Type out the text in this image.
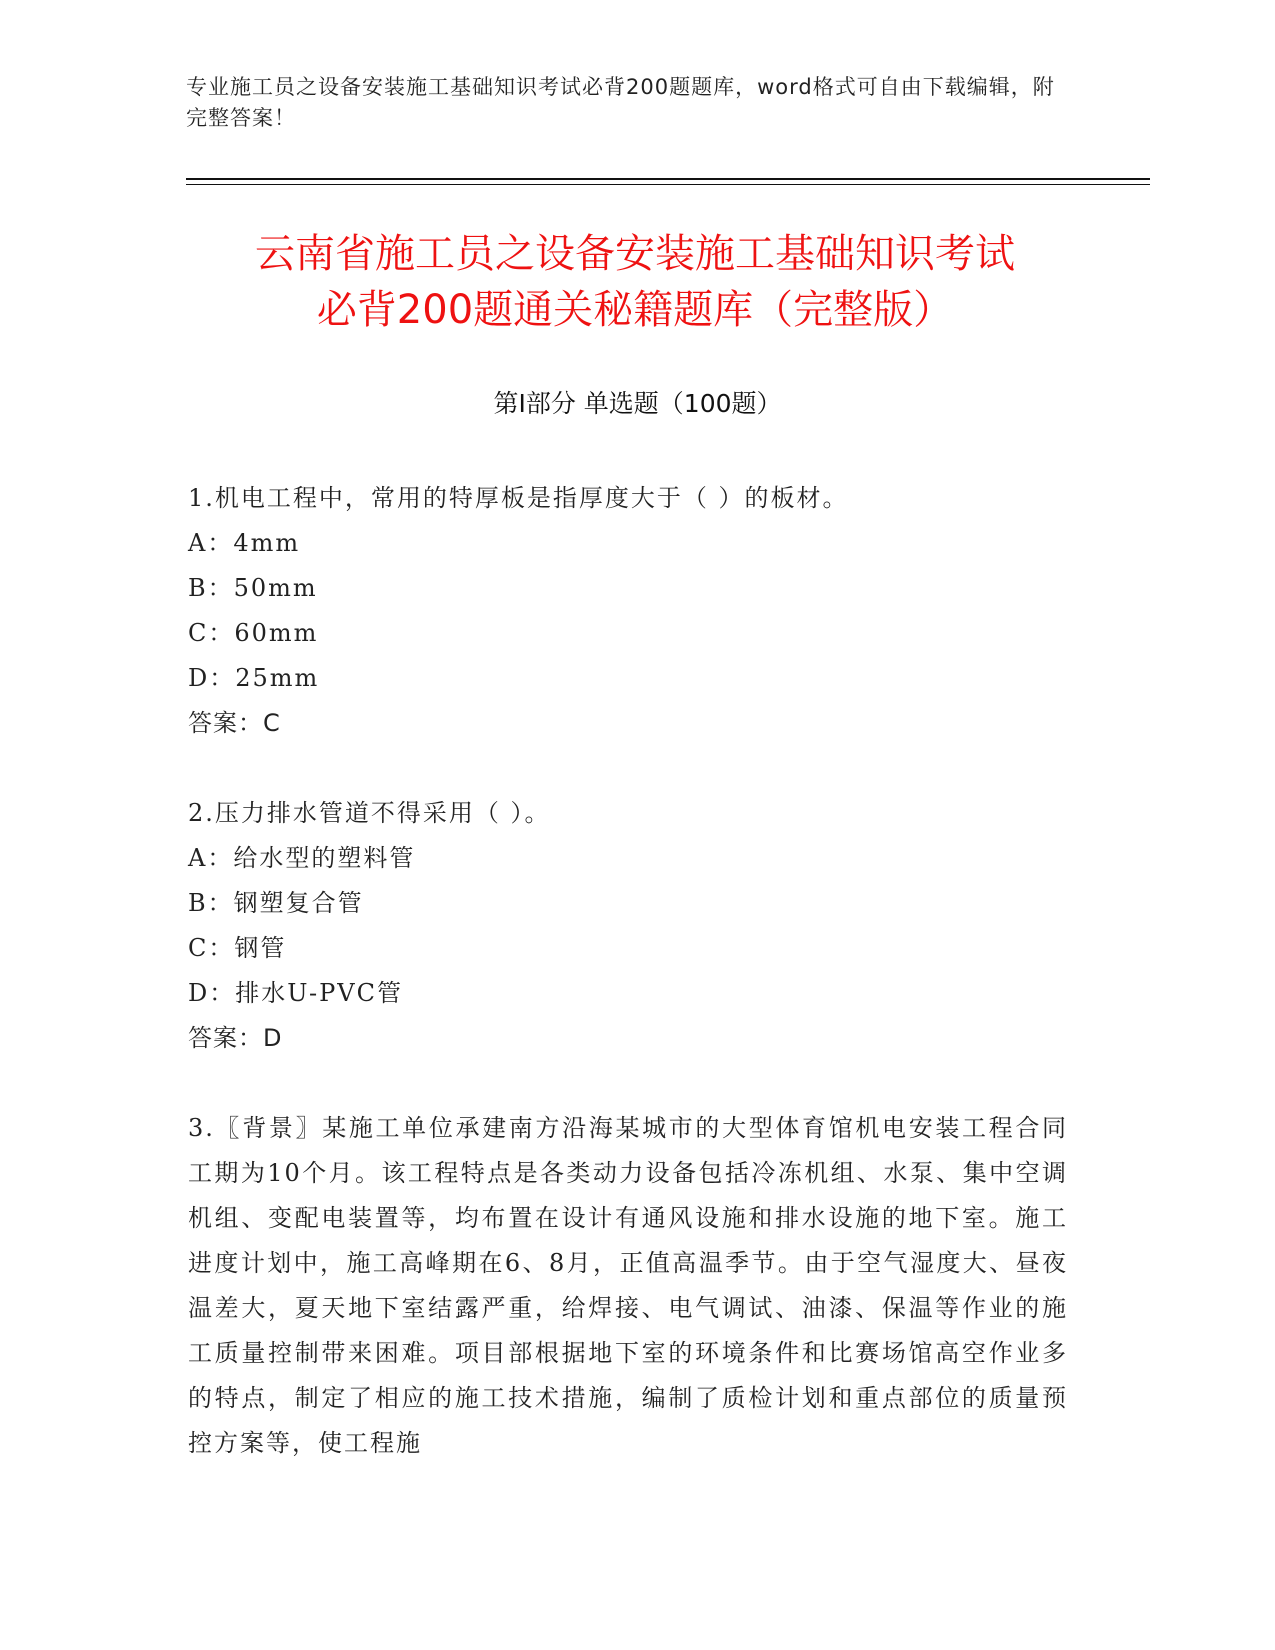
专业施工员之设备安装施工基础知识考试必背200题题库，word格式可自由下载编辑，附完整答案！
云南省施工员之设备安装施工基础知识考试
必背200题通关秘籍题库（完整版）
第Ⅰ部分 单选题（100题）
1.机电工程中，常用的特厚板是指厚度大于（ ）的板材。
A：4mm
B：50mm
C：60mm
D：25mm
答案：C
2.压力排水管道不得采用（ ）。
A：给水型的塑料管
B：钢塑复合管
C：钢管
D：排水U-PVC管
答案：D
3.〖背景〗某施工单位承建南方沿海某城市的大型体育馆机电安装工程合同工期为10个月。该工程特点是各类动力设备包括冷冻机组、水泵、集中空调机组、变配电装置等，均布置在设计有通风设施和排水设施的地下室。施工进度计划中，施工高峰期在6、8月，正值高温季节。由于空气湿度大、昼夜温差大，夏天地下室结露严重，给焊接、电气调试、油漆、保温等作业的施工质量控制带来困难。项目部根据地下室的环境条件和比赛场馆高空作业多的特点，制定了相应的施工技术措施，编制了质检计划和重点部位的质量预控方案等，使工程施
